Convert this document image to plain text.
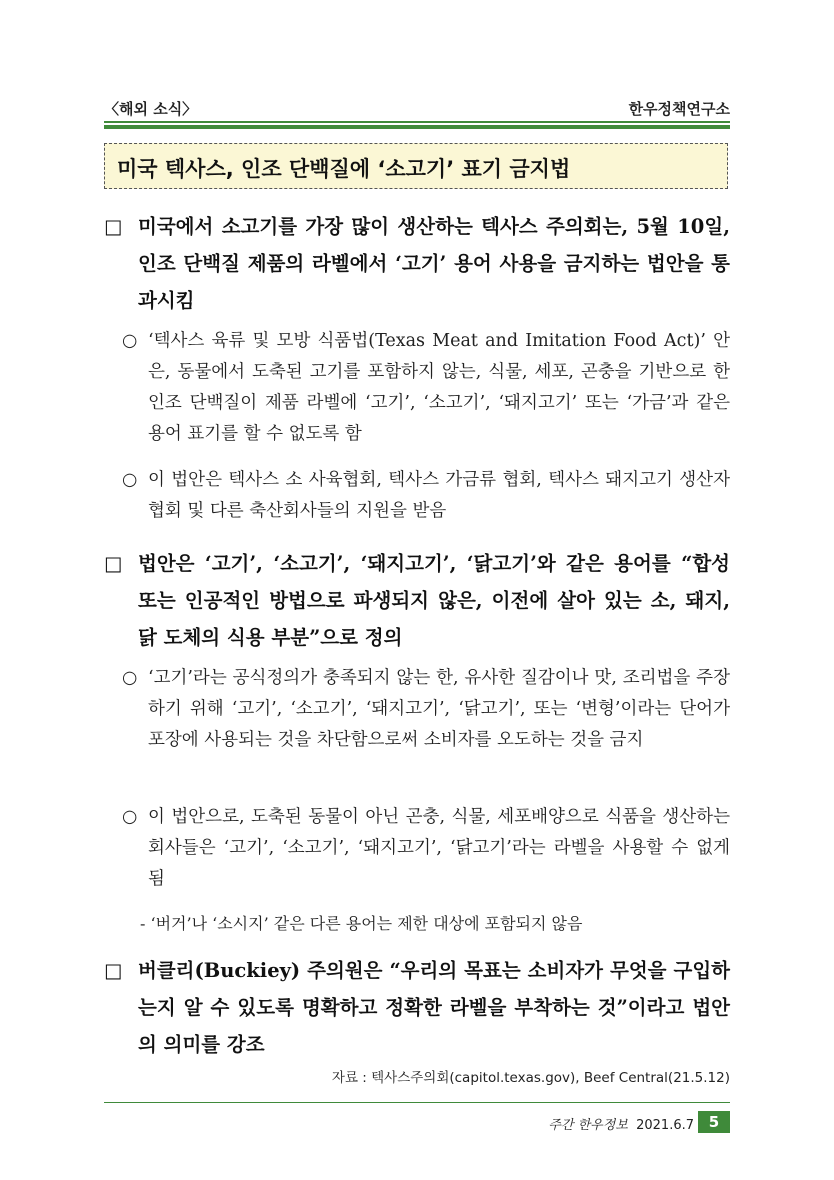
〈해외 소식〉	한우정책연구소
미국 텍사스, 인조 단백질에 ‘소고기’ 표기 금지법
□ 미국에서 소고기를 가장 많이 생산하는 텍사스 주의회는, 5월 10일, 인조 단백질 제품의 라벨에서 ‘고기’ 용어 사용을 금지하는 법안을 통과시킴
○ ‘텍사스 육류 및 모방 식품법(Texas Meat and Imitation Food Act)’ 안은, 동물에서 도축된 고기를 포함하지 않는, 식물, 세포, 곤충을 기반으로 한 인조 단백질이 제품 라벨에 ‘고기’, ‘소고기’, ‘돼지고기’ 또는 ‘가금’과 같은 용어 표기를 할 수 없도록 함
○ 이 법안은 텍사스 소 사육협회, 텍사스 가금류 협회, 텍사스 돼지고기 생산자 협회 및 다른 축산회사들의 지원을 받음
□ 법안은 ‘고기’, ‘소고기’, ‘돼지고기’, ‘닭고기’와 같은 용어를 “합성 또는 인공적인 방법으로 파생되지 않은, 이전에 살아 있는 소, 돼지, 닭 도체의 식용 부분”으로 정의
○ ‘고기’라는 공식정의가 충족되지 않는 한, 유사한 질감이나 맛, 조리법을 주장하기 위해 ‘고기’, ‘소고기’, ‘돼지고기’, ‘닭고기’, 또는 ‘변형’이라는 단어가 포장에 사용되는 것을 차단함으로써 소비자를 오도하는 것을 금지
○ 이 법안으로, 도축된 동물이 아닌 곤충, 식물, 세포배양으로 식품을 생산하는 회사들은 ‘고기’, ‘소고기’, ‘돼지고기’, ‘닭고기’라는 라벨을 사용할 수 없게 됨
- ‘버거’나 ‘소시지’ 같은 다른 용어는 제한 대상에 포함되지 않음
□ 버클리(Buckiey) 주의원은 “우리의 목표는 소비자가 무엇을 구입하는지 알 수 있도록 명확하고 정확한 라벨을 부착하는 것”이라고 법안의 의미를 강조
자료 : 텍사스주의회(capitol.texas.gov), Beef Central(21.5.12)
주간 한우정보 2021.6.7 5
